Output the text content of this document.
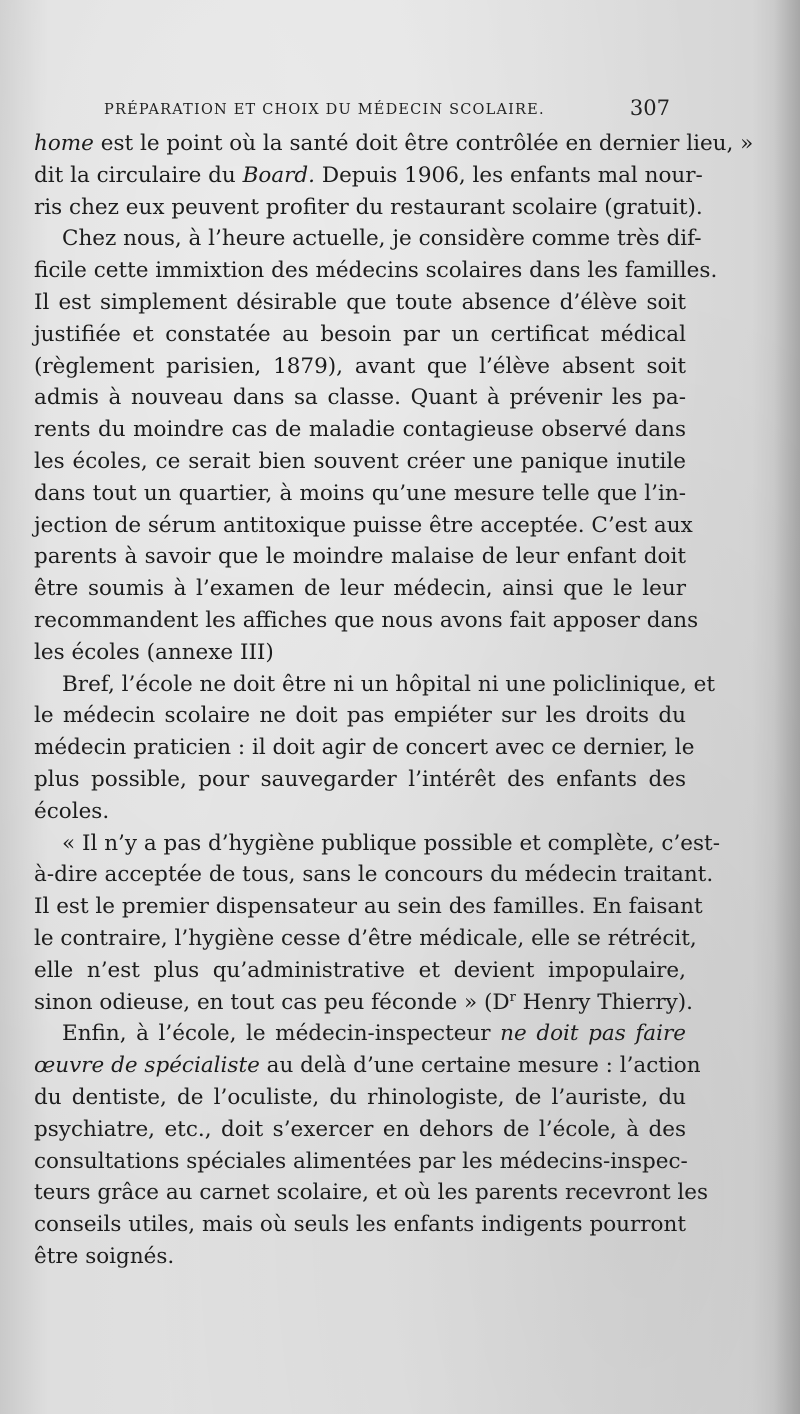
PRÉPARATION ET CHOIX DU MÉDECIN SCOLAIRE.	307
home est le point où la santé doit être contrôlée en dernier lieu, »
dit la circulaire du Board. Depuis 1906, les enfants mal nour-
ris chez eux peuvent profiter du restaurant scolaire (gratuit).
Chez nous, à l’heure actuelle, je considère comme très dif-
ficile cette immixtion des médecins scolaires dans les familles.
Il est simplement désirable que toute absence d’élève soit
justifiée et constatée au besoin par un certificat médical
(règlement parisien, 1879), avant que l’élève absent soit
admis à nouveau dans sa classe. Quant à prévenir les pa-
rents du moindre cas de maladie contagieuse observé dans
les écoles, ce serait bien souvent créer une panique inutile
dans tout un quartier, à moins qu’une mesure telle que l’in-
jection de sérum antitoxique puisse être acceptée. C’est aux
parents à savoir que le moindre malaise de leur enfant doit
être soumis à l’examen de leur médecin, ainsi que le leur
recommandent les affiches que nous avons fait apposer dans
les écoles (annexe III)
Bref, l’école ne doit être ni un hôpital ni une policlinique, et
le médecin scolaire ne doit pas empiéter sur les droits du
médecin praticien : il doit agir de concert avec ce dernier, le
plus possible, pour sauvegarder l’intérêt des enfants des
écoles.
« Il n’y a pas d’hygiène publique possible et complète, c’est-
à-dire acceptée de tous, sans le concours du médecin traitant.
Il est le premier dispensateur au sein des familles. En faisant
le contraire, l’hygiène cesse d’être médicale, elle se rétrécit,
elle n’est plus qu’administrative et devient impopulaire,
sinon odieuse, en tout cas peu féconde » ($D^r$ Henry Thierry).
Enfin, à l’école, le médecin-inspecteur ne doit pas faire
œuvre de spécialiste au delà d’une certaine mesure : l’action
du dentiste, de l’oculiste, du rhinologiste, de l’auriste, du
psychiatre, etc., doit s’exercer en dehors de l’école, à des
consultations spéciales alimentées par les médecins-inspec-
teurs grâce au carnet scolaire, et où les parents recevront les
conseils utiles, mais où seuls les enfants indigents pourront
être soignés.
